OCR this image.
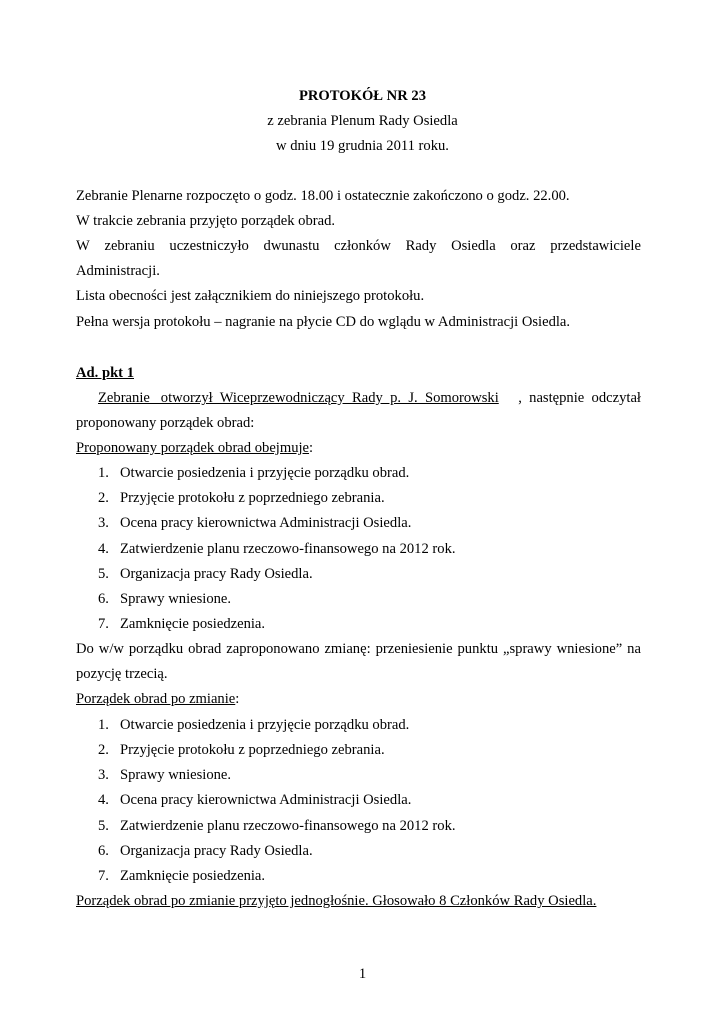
PROTOKÓŁ NR 23
z zebrania Plenum Rady Osiedla
w dniu 19 grudnia 2011 roku.
Zebranie Plenarne rozpoczęto o godz. 18.00 i ostatecznie zakończono o godz. 22.00.
W trakcie zebrania przyjęto porządek obrad.
W zebraniu uczestniczyło dwunastu członków Rady Osiedla oraz przedstawiciele
Administracji.
Lista obecności jest załącznikiem do niniejszego protokołu.
Pełna wersja protokołu – nagranie na płycie CD do wglądu w Administracji Osiedla.
Ad. pkt 1
Zebranie   otworzył  Wiceprzewodniczący  Rady  p.  J.  Somorowski ,  następnie  odczytał
proponowany porządek obrad:
Proponowany porządek obrad obejmuje:
1. Otwarcie posiedzenia i przyjęcie porządku obrad.
2. Przyjęcie protokołu z poprzedniego zebrania.
3. Ocena pracy kierownictwa Administracji Osiedla.
4. Zatwierdzenie planu rzeczowo-finansowego na 2012 rok.
5. Organizacja pracy Rady Osiedla.
6. Sprawy wniesione.
7. Zamknięcie posiedzenia.
Do w/w porządku obrad zaproponowano zmianę: przeniesienie punktu „sprawy wniesione” na
pozycję trzecią.
Porządek obrad po zmianie:
1. Otwarcie posiedzenia i przyjęcie porządku obrad.
2. Przyjęcie protokołu z poprzedniego zebrania.
3. Sprawy wniesione.
4. Ocena pracy kierownictwa Administracji Osiedla.
5. Zatwierdzenie planu rzeczowo-finansowego na 2012 rok.
6. Organizacja pracy Rady Osiedla.
7. Zamknięcie posiedzenia.
Porządek obrad po zmianie przyjęto jednogłośnie. Głosowało 8 Członków Rady Osiedla.
1
